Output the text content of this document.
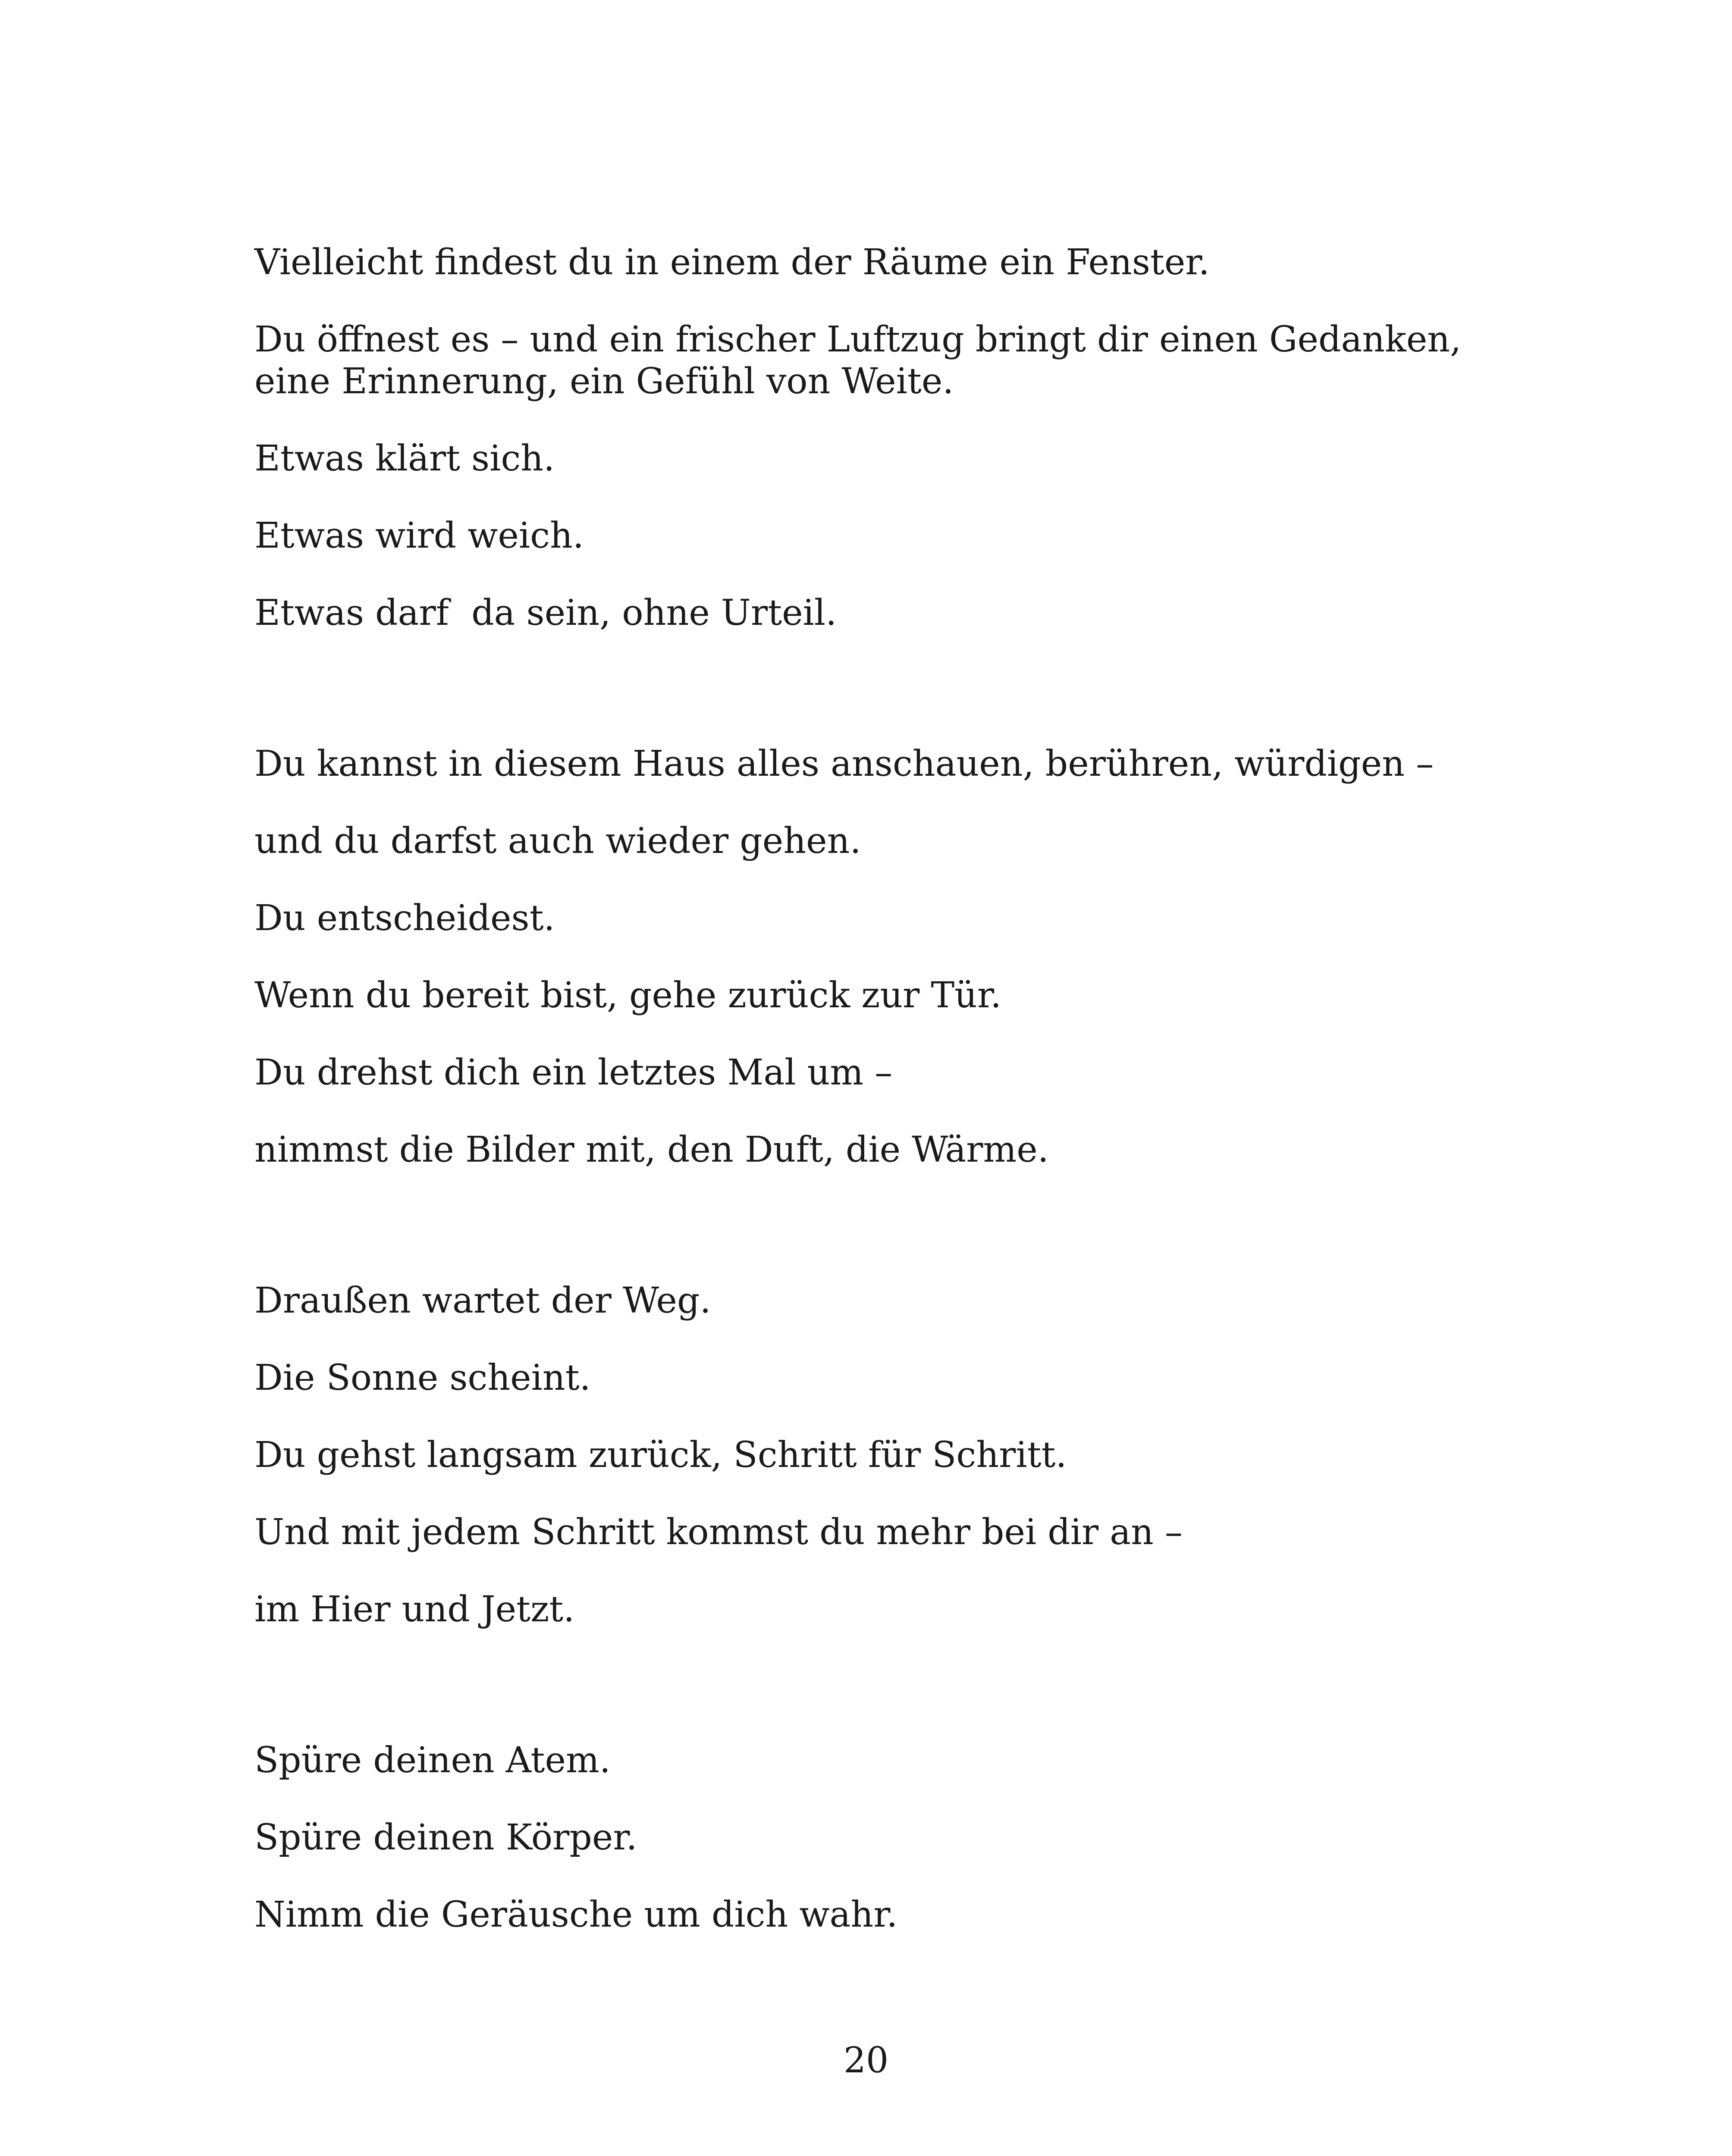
Vielleicht findest du in einem der Räume ein Fenster.

Du öffnest es – und ein frischer Luftzug bringt dir einen Gedanken,

eine Erinnerung, ein Gefühl von Weite.

Etwas klärt sich.

Etwas wird weich.

Etwas darf  da sein, ohne Urteil.

Du kannst in diesem Haus alles anschauen, berühren, würdigen –

und du darfst auch wieder gehen.

Du entscheidest.

Wenn du bereit bist, gehe zurück zur Tür.

Du drehst dich ein letztes Mal um –

nimmst die Bilder mit, den Duft, die Wärme.

Draußen wartet der Weg.

Die Sonne scheint.

Du gehst langsam zurück, Schritt für Schritt.

Und mit jedem Schritt kommst du mehr bei dir an –

im Hier und Jetzt.

Spüre deinen Atem.

Spüre deinen Körper.

Nimm die Geräusche um dich wahr.

20
